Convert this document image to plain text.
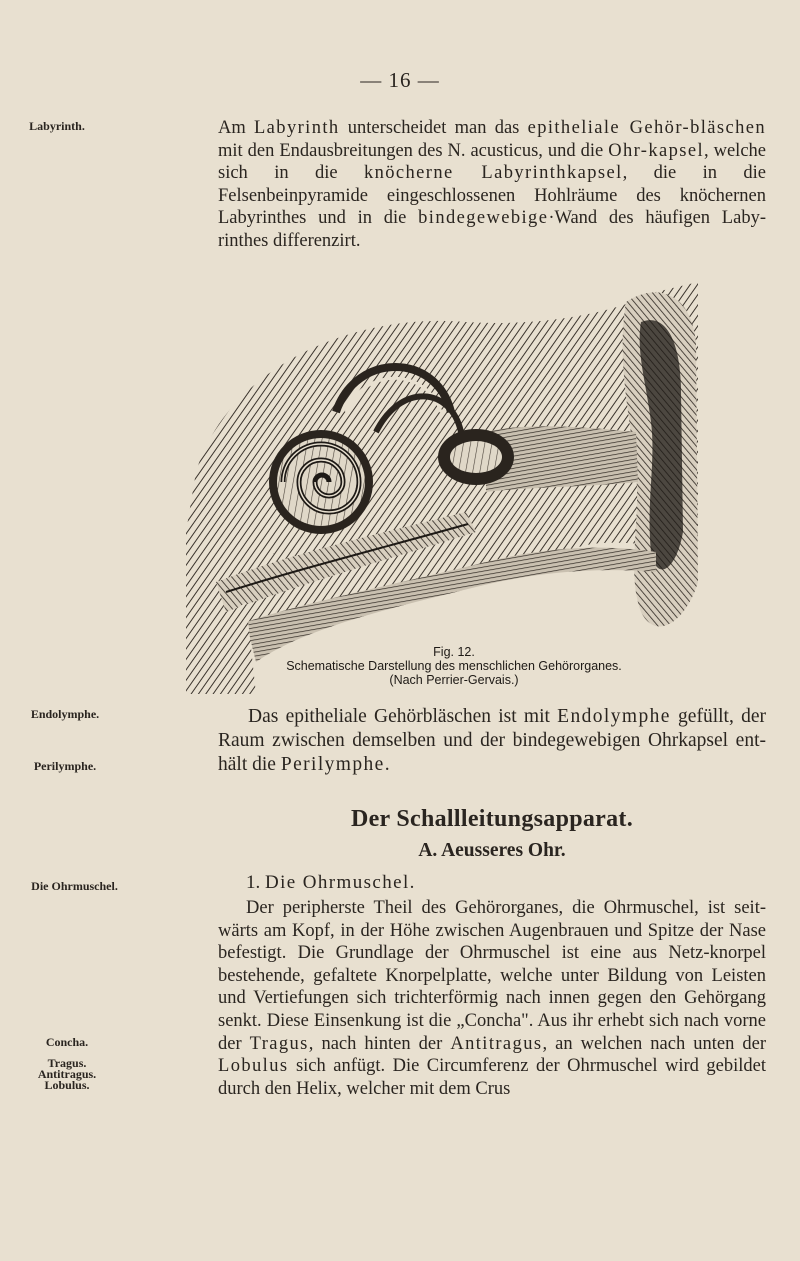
— 16 —
Labyrinth.
Endolymphe.
Perilymphe.
Die Ohrmuschel.
Concha.
Tragus.
Antitragus.
Lobulus.

Am Labyrinth unterscheidet man das epitheliale Gehör-bläschen mit den Endausbreitungen des N. acusticus, und die Ohr-kapsel, welche sich in die knöcherne Labyrinthkapsel, die in die Felsenbeinpyramide eingeschlossenen Hohlräume des knöchernen Labyrinthes und in die bindegewebige·Wand des häufigen Laby-rinthes differenzirt.

Fig. 12.
Schematische Darstellung des menschlichen Gehörorganes.
(Nach Perrier-Gervais.)

Das epitheliale Gehörbläschen ist mit Endolymphe gefüllt, der Raum zwischen demselben und der bindegewebigen Ohrkapsel ent-hält die Perilymphe.

Der Schallleitungsapparat.
A. Aeusseres Ohr.

1. Die Ohrmuschel.

Der peripherste Theil des Gehörorganes, die Ohrmuschel, ist seit-wärts am Kopf, in der Höhe zwischen Augenbrauen und Spitze der Nase befestigt. Die Grundlage der Ohrmuschel ist eine aus Netz-knorpel bestehende, gefaltete Knorpelplatte, welche unter Bildung von Leisten und Vertiefungen sich trichterförmig nach innen gegen den Gehörgang senkt. Diese Einsenkung ist die „Concha". Aus ihr erhebt sich nach vorne der Tragus, nach hinten der Antitragus, an welchen nach unten der Lobulus sich anfügt. Die Circumferenz der Ohrmuschel wird gebildet durch den Helix, welcher mit dem Crus
